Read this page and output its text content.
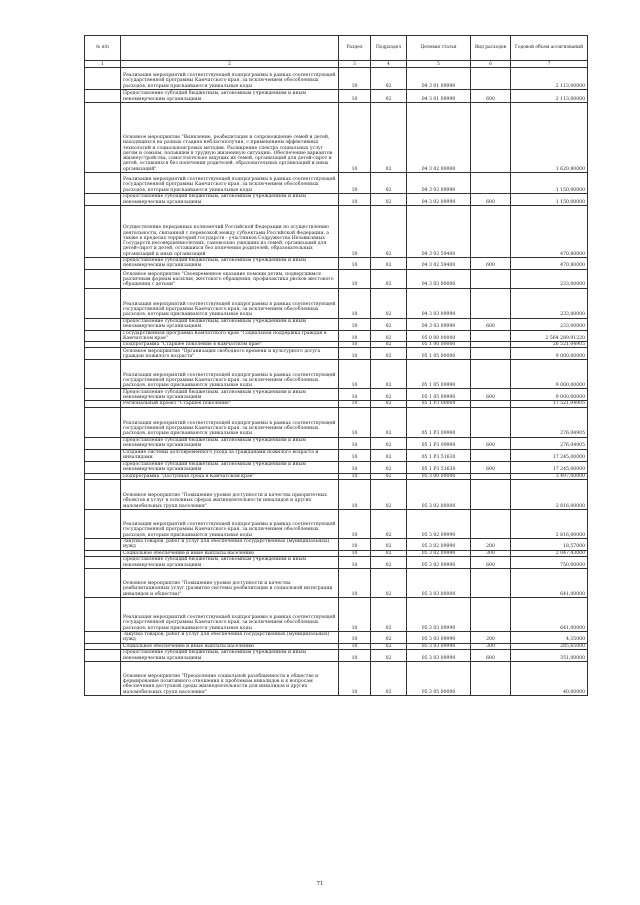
№ п/п		Раздел	Подраздел	Целевая статья	Вид расходов	Годовой объем ассигнований
1	2	3	4	5	6	7
	Реализация мероприятий соответствующей подпрограммы в рамках соответствующей государственной программы Камчатского края, за исключением обособленных расходов, которым присваиваются уникальные коды	10	02	04 3 01 09990		2 113,00000
	Предоставление субсидий бюджетным, автономным учреждениям и иным некоммерческим организациям	10	02	04 3 01 09990	600	2 113,00000
	Основное мероприятие "Выявление, реабилитация и сопровождение семей и детей, находящихся на разных стадиях неблагополучия, с применением эффективных технологий и социальноигровых методик. Расширение спектра социальных услуг детям и семьям, попавшим в трудную жизненную ситуацию. Обеспечение вариантов жизнеустройства, самостоятельно ищущих их семей, организаций для детей-сирот и детей, оставшихся без попечения родителей, образовательных организаций и иных организаций"	10	02	04 3 02 00000		1 620,80000
	Реализация мероприятий соответствующей подпрограммы в рамках соответствующей государственной программы Камчатского края, за исключением обособленных расходов, которым присваиваются уникальные коды	10	02	04 3 02 09990		1 150,00000
	Предоставление субсидий бюджетным, автономным учреждениям и иным некоммерческим организациям	10	02	04 3 02 09990	600	1 150,00000
	Осуществление переданных полномочий Российской Федерации по осуществлению деятельности, связанной с перевозкой между субъектами Российской Федерации, а также в пределах территорий государств - участников Содружества Независимых Государств несовершеннолетних, самовольно ушедших из семей, организаций для детей-сирот и детей, оставшихся без попечения родителей, образовательных организаций и иных организаций	10	02	04 3 02 59400		470,80000
	Предоставление субсидий бюджетным, автономным учреждениям и иным некоммерческим организациям	10	02	04 3 02 59400	600	470,80000
	Основное мероприятие "Своевременное оказание помощи детям, подвергшимся различным формам насилия, жестокого обращения, профилактика рисков жестокого обращения с детьми"	10	02	04 3 03 00000		233,00000
	Реализация мероприятий соответствующей подпрограммы в рамках соответствующей государственной программы Камчатского края, за исключением обособленных расходов, которым присваиваются уникальные коды	10	02	04 3 03 09990		233,00000
	Предоставление субсидий бюджетным, автономным учреждениям и иным некоммерческим организациям	10	02	04 3 03 09990	600	233,00000
	Государственная программа Камчатского края "Социальная поддержка граждан в Камчатском крае"	10	02	05 0 00 00000		2 564 289,91220
	Подпрограмма "Старшее поколение в Камчатском крае"	10	02	05 1 00 00000		26 521,04905
	Основное мероприятие "Организация свободного времени и культурного досуга граждан пожилого возраста"	10	02	05 1 05 00000		9 000,00000
	Реализация мероприятий соответствующей подпрограммы в рамках соответствующей государственной программы Камчатского края, за исключением обособленных расходов, которым присваиваются уникальные коды	10	02	05 1 05 09990		9 000,00000
	Предоставление субсидий бюджетным, автономным учреждениям и иным некоммерческим организациям	10	02	05 1 05 09990	600	9 000,00000
	Региональный проект "Старшее поколение"	10	02	05 1 P3 00000		17 521,04905
	Реализация мероприятий соответствующей подпрограммы в рамках соответствующей государственной программы Камчатского края, за исключением обособленных расходов, которым присваиваются уникальные коды	10	02	05 1 P3 09990		276,04905
	Предоставление субсидий бюджетным, автономным учреждениям и иным некоммерческим организациям	10	02	05 1 P3 09990	600	276,04905
	Создание системы долговременного ухода за гражданами пожилого возраста и инвалидами	10	02	05 1 P3 51630		17 245,00000
	Предоставление субсидий бюджетным, автономным учреждениям и иным некоммерческим организациям	10	02	05 1 P3 51630	600	17 245,00000
	Подпрограмма "Доступная среда в Камчатском крае"	10	02	05 3 00 00000		3 497,00000
	Основное мероприятие "Повышение уровня доступности и качества приоритетных объектов и услуг в основных сферах жизнедеятельности инвалидов и других маломобильных групп населения"	10	02	05 3 02 00000		2 816,00000
	Реализация мероприятий соответствующей подпрограммы в рамках соответствующей государственной программы Камчатского края, за исключением обособленных расходов, которым присваиваются уникальные коды	10	02	05 3 02 09990		2 816,00000
	Закупка товаров, работ и услуг для обеспечения государственных (муниципальных) нужд	10	02	05 3 02 09990	200	18,57000
	Социальное обеспечение и иные выплаты населению	10	02	05 3 02 09990	300	2 047,43000
	Предоставление субсидий бюджетным, автономным учреждениям и иным некоммерческим организациям	10	02	05 3 02 09990	600	750,00000
	Основное мероприятие "Повышение уровня доступности и качества реабилитационных услуг (развитие системы реабилитации и социальной интеграции инвалидов и общества)"	10	02	05 3 03 00000		641,00000
	Реализация мероприятий соответствующей подпрограммы в рамках соответствующей государственной программы Камчатского края, за исключением обособленных расходов, которым присваиваются уникальные коды	10	02	05 3 03 09990		641,00000
	Закупка товаров, работ и услуг для обеспечения государственных (муниципальных) нужд	10	02	05 3 03 09990	200	4,35000
	Социальное обеспечение и иные выплаты населению	10	02	05 3 03 09990	300	285,65000
	Предоставление субсидий бюджетным, автономным учреждениям и иным некоммерческим организациям	10	02	05 3 03 09990	600	351,00000
	Основное мероприятие "Преодоление социальной разобщенности в обществе и формирование позитивного отношения к проблемам инвалидов и к вопросам обеспечения доступной среды жизнедеятельности для инвалидов и других маломобильных групп населения"	10	02	05 3 05 00000		40,00000
71
